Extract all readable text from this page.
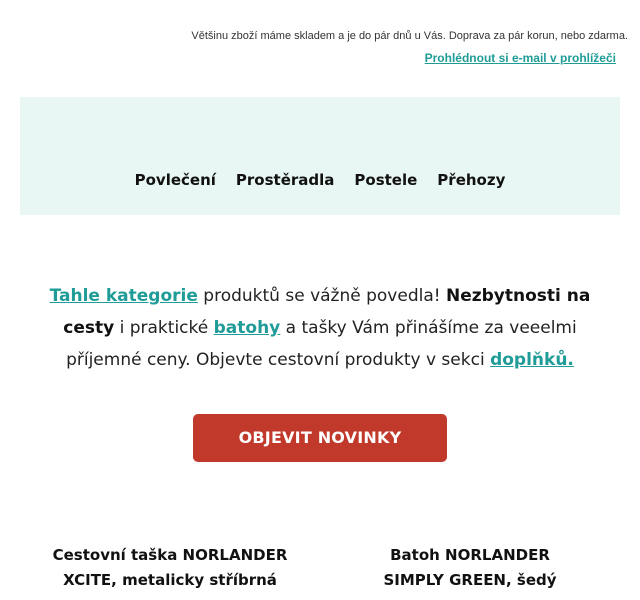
Většinu zboží máme skladem a je do pár dnů u Vás. Doprava za pár korun, nebo zdarma.
Prohlédnout si e-mail v prohlížeči
Povlečení	Prostěradla	Postele	Přehozy
Tahle kategorie produktů se vážně povedla! Nezbytnosti na cesty i praktické batohy a tašky Vám přinášíme za veeelmi příjemné ceny. Objevte cestovní produkty v sekci doplňků.
OBJEVIT NOVINKY
Cestovní taška NORLANDER
XCITE, metalicky stříbrná
Batoh NORLANDER
SIMPLY GREEN, šedý
